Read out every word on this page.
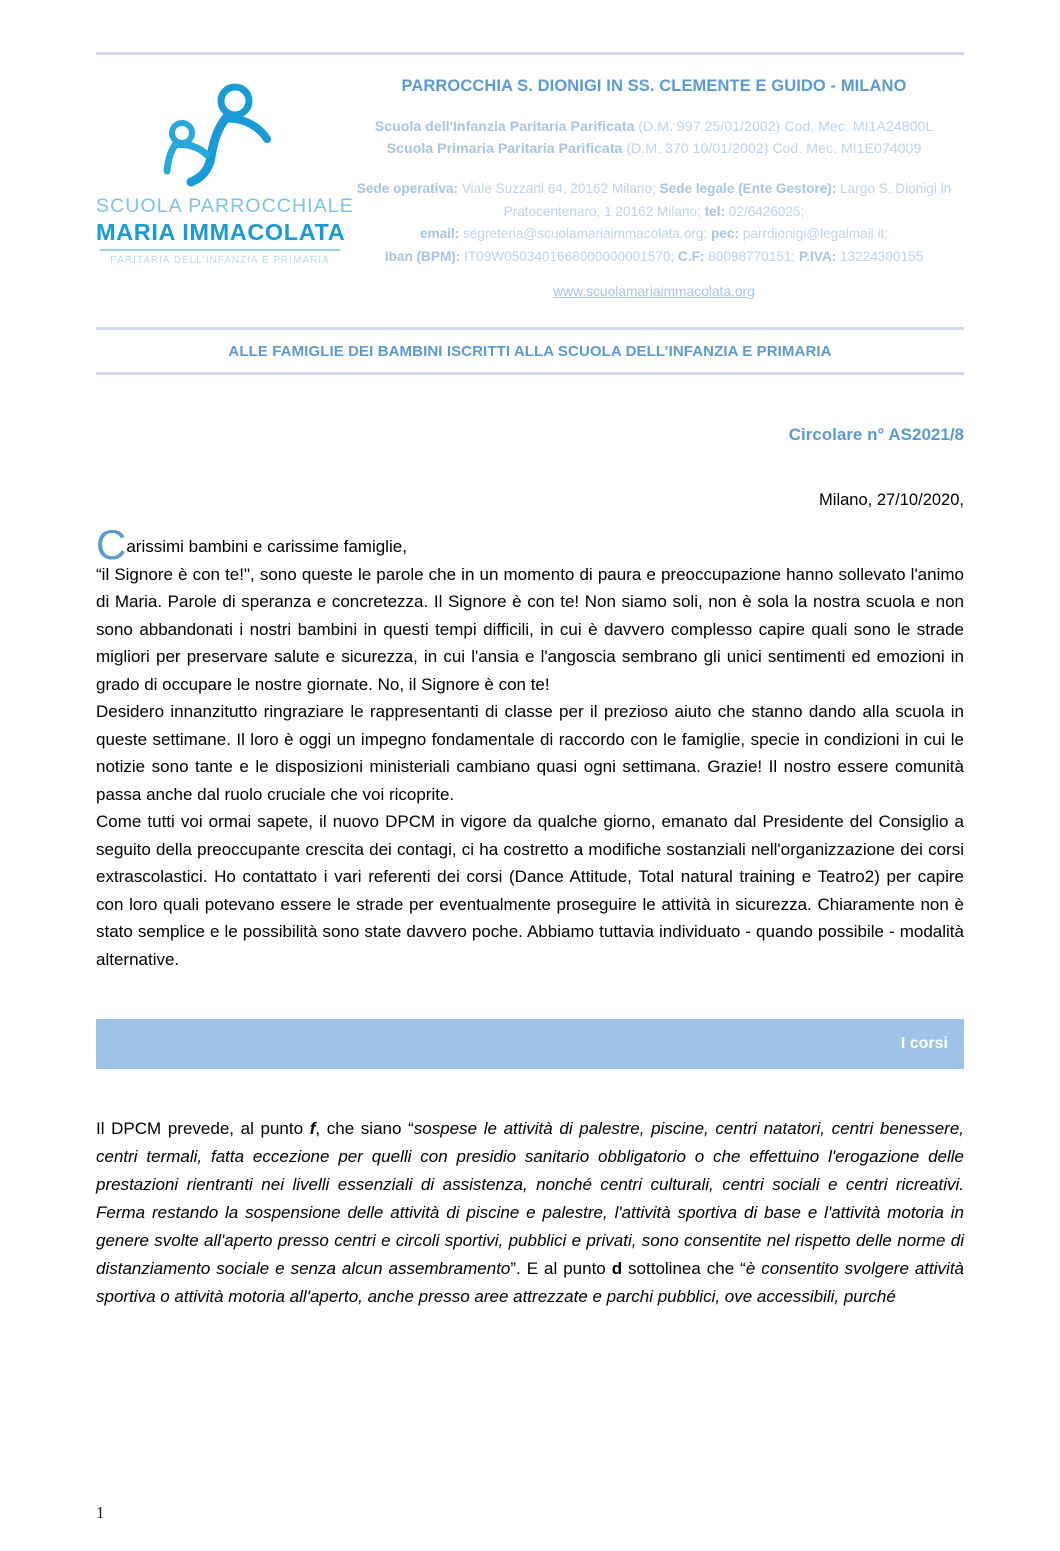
SCUOLA PARROCCHIALE
MARIA IMMACOLATA
PARITARIA DELL'INFANZIA E PRIMARIA
PARROCCHIA S. DIONIGI IN SS. CLEMENTE E GUIDO - MILANO
Scuola dell'Infanzia Paritaria Parificata (D.M. 997 25/01/2002) Cod. Mec. MI1A24800L
Scuola Primaria Paritaria Parificata (D.M. 370 10/01/2002) Cod. Mec. MI1E074009
Sede operativa: Viale Suzzani 64, 20162 Milano; Sede legale (Ente Gestore): Largo S. Dionigi in Pratocentenaro, 1 20162 Milano; tel: 02/6426025;
email: segreteria@scuolamariaimmacolata.org; pec: parrdionigi@legalmail.it;
Iban (BPM): IT09W0503401668000000001570; C.F: 80098770151; P.IVA: 13224300155
www.scuolamariaimmacolata.org
ALLE FAMIGLIE DEI BAMBINI ISCRITTI ALLA SCUOLA DELL’INFANZIA E PRIMARIA
Circolare n° AS2021/8
Milano, 27/10/2020,

Carissimi bambini e carissime famiglie,

“il Signore è con te!", sono queste le parole che in un momento di paura e preoccupazione hanno sollevato l'animo di Maria. Parole di speranza e concretezza. Il Signore è con te! Non siamo soli, non è sola la nostra scuola e non sono abbandonati i nostri bambini in questi tempi difficili, in cui è davvero complesso capire quali sono le strade migliori per preservare salute e sicurezza, in cui l'ansia e l'angoscia sembrano gli unici sentimenti ed emozioni in grado di occupare le nostre giornate. No, il Signore è con te!

Desidero innanzitutto ringraziare le rappresentanti di classe per il prezioso aiuto che stanno dando alla scuola in queste settimane. Il loro è oggi un impegno fondamentale di raccordo con le famiglie, specie in condizioni in cui le notizie sono tante e le disposizioni ministeriali cambiano quasi ogni settimana. Grazie! Il nostro essere comunità passa anche dal ruolo cruciale che voi ricoprite.

Come tutti voi ormai sapete, il nuovo DPCM in vigore da qualche giorno, emanato dal Presidente del Consiglio a seguito della preoccupante crescita dei contagi, ci ha costretto a modifiche sostanziali nell'organizzazione dei corsi extrascolastici. Ho contattato i vari referenti dei corsi (Dance Attitude, Total natural training e Teatro2) per capire con loro quali potevano essere le strade per eventualmente proseguire le attività in sicurezza. Chiaramente non è stato semplice e le possibilità sono state davvero poche. Abbiamo tuttavia individuato - quando possibile - modalità alternative.

I corsi
Il DPCM prevede, al punto f, che siano “sospese le attività di palestre, piscine, centri natatori, centri benessere, centri termali, fatta eccezione per quelli con presidio sanitario obbligatorio o che effettuino l'erogazione delle prestazioni rientranti nei livelli essenziali di assistenza, nonché centri culturali, centri sociali e centri ricreativi. Ferma restando la sospensione delle attività di piscine e palestre, l'attività sportiva di base e l'attività motoria in genere svolte all'aperto presso centri e circoli sportivi, pubblici e privati, sono consentite nel rispetto delle norme di distanziamento sociale e senza alcun assembramento”. E al punto d sottolinea che “è consentito svolgere attività sportiva o attività motoria all'aperto, anche presso aree attrezzate e parchi pubblici, ove accessibili, purché
1
